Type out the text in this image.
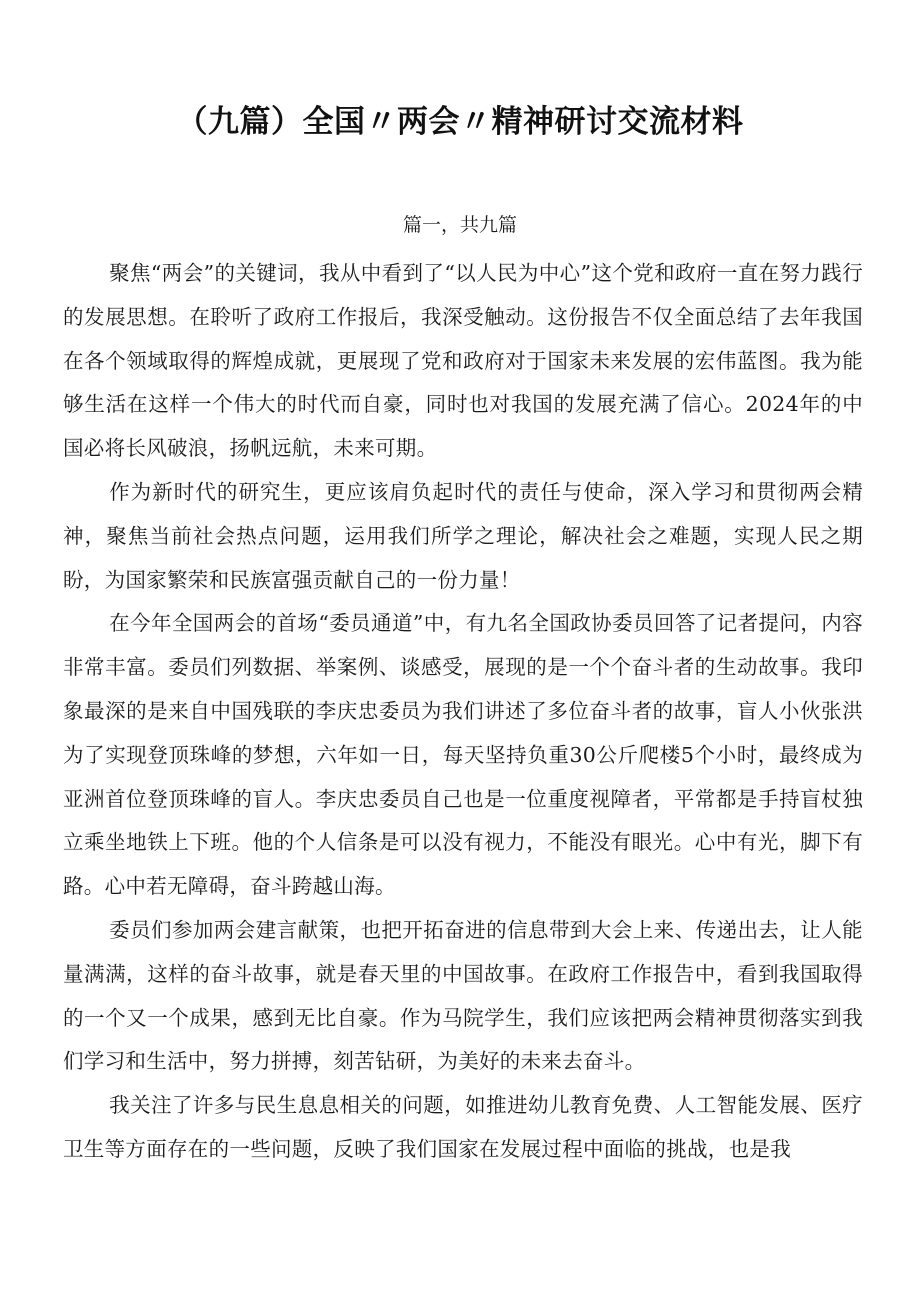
（九篇）全国〃两会〃精神研讨交流材料
篇一，共九篇

聚焦“两会”的关键词，我从中看到了“以人民为中心”这个党和政府一直在努力践行的发展思想。在聆听了政府工作报后，我深受触动。这份报告不仅全面总结了去年我国在各个领域取得的辉煌成就，更展现了党和政府对于国家未来发展的宏伟蓝图。我为能够生活在这样一个伟大的时代而自豪，同时也对我国的发展充满了信心。2024年的中国必将长风破浪，扬帆远航，未来可期。

作为新时代的研究生，更应该肩负起时代的责任与使命，深入学习和贯彻两会精神，聚焦当前社会热点问题，运用我们所学之理论，解决社会之难题，实现人民之期盼，为国家繁荣和民族富强贡献自己的一份力量！

在今年全国两会的首场“委员通道”中，有九名全国政协委员回答了记者提问，内容非常丰富。委员们列数据、举案例、谈感受，展现的是一个个奋斗者的生动故事。我印象最深的是来自中国残联的李庆忠委员为我们讲述了多位奋斗者的故事，盲人小伙张洪为了实现登顶珠峰的梦想，六年如一日，每天坚持负重30公斤爬楼5个小时，最终成为亚洲首位登顶珠峰的盲人。李庆忠委员自己也是一位重度视障者，平常都是手持盲杖独立乘坐地铁上下班。他的个人信条是可以没有视力，不能没有眼光。心中有光，脚下有路。心中若无障碍，奋斗跨越山海。

委员们参加两会建言献策，也把开拓奋进的信息带到大会上来、传递出去，让人能量满满，这样的奋斗故事，就是春天里的中国故事。在政府工作报告中，看到我国取得的一个又一个成果，感到无比自豪。作为马院学生，我们应该把两会精神贯彻落实到我们学习和生活中，努力拼搏，刻苦钻研，为美好的未来去奋斗。

我关注了许多与民生息息相关的问题，如推进幼儿教育免费、人工智能发展、医疗卫生等方面存在的一些问题，反映了我们国家在发展过程中面临的挑战，也是我
